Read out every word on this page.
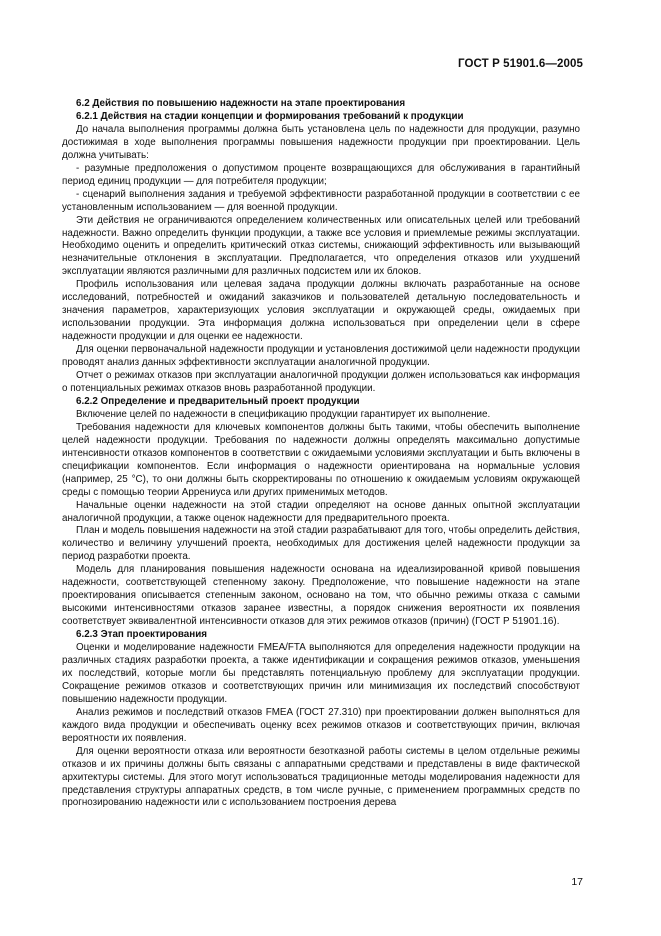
ГОСТ Р 51901.6—2005

6.2 Действия по повышению надежности на этапе проектирования

6.2.1 Действия на стадии концепции и формирования требований к продукции

До начала выполнения программы должна быть установлена цель по надежности для продукции, разумно достижимая в ходе выполнения программы повышения надежности продукции при проектировании. Цель должна учитывать:

- разумные предположения о допустимом проценте возвращающихся для обслуживания в гарантийный период единиц продукции — для потребителя продукции;

- сценарий выполнения задания и требуемой эффективности разработанной продукции в соответствии с ее установленным использованием — для военной продукции.

Эти действия не ограничиваются определением количественных или описательных целей или требований надежности. Важно определить функции продукции, а также все условия и приемлемые режимы эксплуатации. Необходимо оценить и определить критический отказ системы, снижающий эффективность или вызывающий незначительные отклонения в эксплуатации. Предполагается, что определения отказов или ухудшений эксплуатации являются различными для различных подсистем или их блоков.

Профиль использования или целевая задача продукции должны включать разработанные на основе исследований, потребностей и ожиданий заказчиков и пользователей детальную последовательность и значения параметров, характеризующих условия эксплуатации и окружающей среды, ожидаемых при использовании продукции. Эта информация должна использоваться при определении цели в сфере надежности продукции и для оценки ее надежности.

Для оценки первоначальной надежности продукции и установления достижимой цели надежности продукции проводят анализ данных эффективности эксплуатации аналогичной продукции.

Отчет о режимах отказов при эксплуатации аналогичной продукции должен использоваться как информация о потенциальных режимах отказов вновь разработанной продукции.

6.2.2 Определение и предварительный проект продукции

Включение целей по надежности в спецификацию продукции гарантирует их выполнение.

Требования надежности для ключевых компонентов должны быть такими, чтобы обеспечить выполнение целей надежности продукции. Требования по надежности должны определять максимально допустимые интенсивности отказов компонентов в соответствии с ожидаемыми условиями эксплуатации и быть включены в спецификации компонентов. Если информация о надежности ориентирована на нормальные условия (например, 25 °С), то они должны быть скорректированы по отношению к ожидаемым условиям окружающей среды с помощью теории Аррениуса или других применимых методов.

Начальные оценки надежности на этой стадии определяют на основе данных опытной эксплуатации аналогичной продукции, а также оценок надежности для предварительного проекта.

План и модель повышения надежности на этой стадии разрабатывают для того, чтобы определить действия, количество и величину улучшений проекта, необходимых для достижения целей надежности продукции за период разработки проекта.

Модель для планирования повышения надежности основана на идеализированной кривой повышения надежности, соответствующей степенному закону. Предположение, что повышение надежности на этапе проектирования описывается степенным законом, основано на том, что обычно режимы отказа с самыми высокими интенсивностями отказов заранее известны, а порядок снижения вероятности их появления соответствует эквивалентной интенсивности отказов для этих режимов отказов (причин) (ГОСТ Р 51901.16).

6.2.3 Этап проектирования

Оценки и моделирование надежности FMEA/FTA выполняются для определения надежности продукции на различных стадиях разработки проекта, а также идентификации и сокращения режимов отказов, уменьшения их последствий, которые могли бы представлять потенциальную проблему для эксплуатации продукции. Сокращение режимов отказов и соответствующих причин или минимизация их последствий способствуют повышению надежности продукции.

Анализ режимов и последствий отказов FMEA (ГОСТ 27.310) при проектировании должен выполняться для каждого вида продукции и обеспечивать оценку всех режимов отказов и соответствующих причин, включая вероятности их появления.

Для оценки вероятности отказа или вероятности безотказной работы системы в целом отдельные режимы отказов и их причины должны быть связаны с аппаратными средствами и представлены в виде фактической архитектуры системы. Для этого могут использоваться традиционные методы моделирования надежности для представления структуры аппаратных средств, в том числе ручные, с применением программных средств по прогнозированию надежности или с использованием построения дерева

17
